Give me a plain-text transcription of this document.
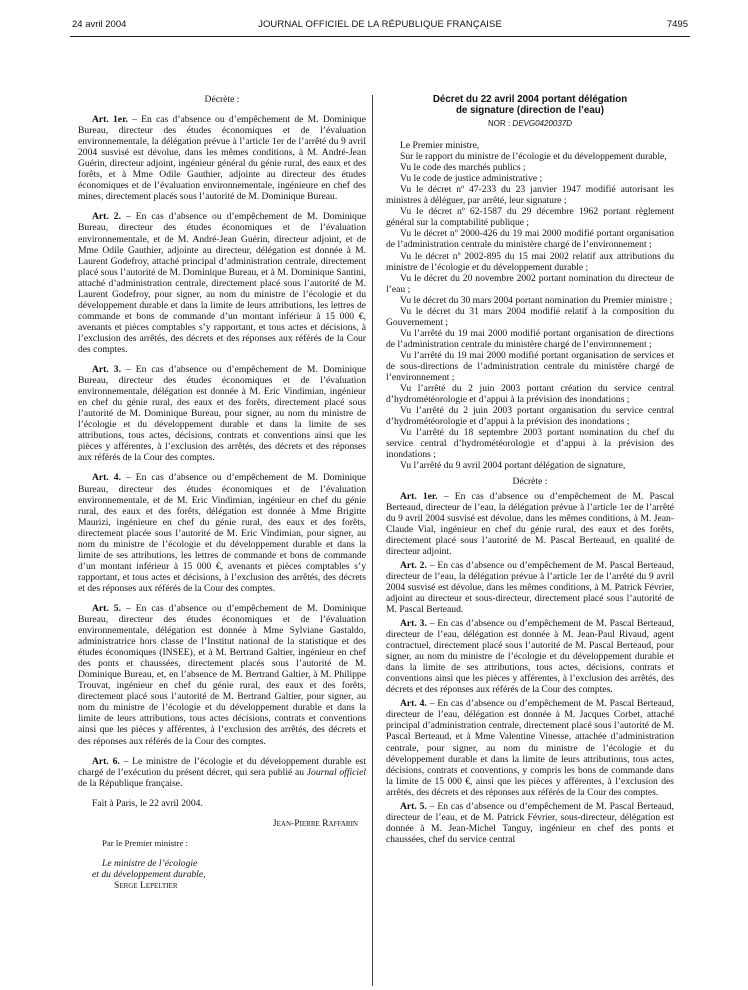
24 avril 2004	JOURNAL OFFICIEL DE LA RÉPUBLIQUE FRANÇAISE	7495

Décrète :

Art. 1er. – En cas d’absence ou d’empêchement de M. Dominique Bureau, directeur des études économiques et de l’évaluation environnementale, la délégation prévue à l’article 1er de l’arrêté du 9 avril 2004 susvisé est dévolue, dans les mêmes conditions, à M. André-Jean Guérin, directeur adjoint, ingénieur général du génie rural, des eaux et des forêts, et à Mme Odile Gauthier, adjointe au directeur des études économiques et de l’évaluation environnementale, ingénieure en chef des mines, directement placés sous l’autorité de M. Dominique Bureau.

Art. 2. – En cas d’absence ou d’empêchement de M. Dominique Bureau, directeur des études économiques et de l’évaluation environnementale, et de M. André-Jean Guérin, directeur adjoint, et de Mme Odile Gauthier, adjointe au directeur, délégation est donnée à M. Laurent Godefroy, attaché principal d’administration centrale, directement placé sous l’autorité de M. Dominique Bureau, et à M. Dominique Santini, attaché d’administration centrale, directement placé sous l’autorité de M. Laurent Godefroy, pour signer, au nom du ministre de l’écologie et du développement durable et dans la limite de leurs attributions, les lettres de commande et bons de commande d’un montant inférieur à 15 000 €, avenants et pièces comptables s’y rapportant, et tous actes et décisions, à l’exclusion des arrêtés, des décrets et des réponses aux référés de la Cour des comptes.

Art. 3. – En cas d’absence ou d’empêchement de M. Dominique Bureau, directeur des études économiques et de l’évaluation environnementale, délégation est donnée à M. Eric Vindimian, ingénieur en chef du génie rural, des eaux et des forêts, directement placé sous l’autorité de M. Dominique Bureau, pour signer, au nom du ministre de l’écologie et du développement durable et dans la limite de ses attributions, tous actes, décisions, contrats et conventions ainsi que les pièces y afférentes, à l’exclusion des arrêtés, des décrets et des réponses aux référés de la Cour des comptes.

Art. 4. – En cas d’absence ou d’empêchement de M. Dominique Bureau, directeur des études économiques et de l’évaluation environnementale, et de M. Eric Vindimian, ingénieur en chef du génie rural, des eaux et des forêts, délégation est donnée à Mme Brigitte Maurizi, ingénieure en chef du génie rural, des eaux et des forêts, directement placée sous l’autorité de M. Eric Vindimian, pour signer, au nom du ministre de l’écologie et du développement durable et dans la limite de ses attributions, les lettres de commande et bons de commande d’un montant inférieur à 15 000 €, avenants et pièces comptables s’y rapportant, et tous actes et décisions, à l’exclusion des arrêtés, des décrets et des réponses aux référés de la Cour des comptes.

Art. 5. – En cas d’absence ou d’empêchement de M. Dominique Bureau, directeur des études économiques et de l’évaluation environnementale, délégation est donnée à Mme Sylviane Gastaldo, administratrice hors classe de l’Institut national de la statistique et des études économiques (INSEE), et à M. Bertrand Galtier, ingénieur en chef des ponts et chaussées, directement placés sous l’autorité de M. Dominique Bureau, et, en l’absence de M. Bertrand Galtier, à M. Philippe Trouvat, ingénieur en chef du génie rural, des eaux et des forêts, directement placé sous l’autorité de M. Bertrand Galtier, pour signer, au nom du ministre de l’écologie et du développement durable et dans la limite de leurs attributions, tous actes décisions, contrats et conventions ainsi que les pièces y afférentes, à l’exclusion des arrêtés, des décrets et des réponses aux référés de la Cour des comptes.

Art. 6. – Le ministre de l’écologie et du développement durable est chargé de l’exécution du présent décret, qui sera publié au Journal officiel de la République française.

Fait à Paris, le 22 avril 2004.

Jean-Pierre Raffarin

Par le Premier ministre :

Le ministre de l’écologie

et du développement durable,

Serge Lepeltier

Décret du 22 avril 2004 portant délégation
de signature (direction de l’eau)
NOR : DEVG0420037D

Le Premier ministre,

Sur le rapport du ministre de l’écologie et du développement durable,

Vu le code des marchés publics ;

Vu le code de justice administrative ;

Vu le décret nº 47-233 du 23 janvier 1947 modifié autorisant les ministres à déléguer, par arrêté, leur signature ;

Vu le décret nº 62-1587 du 29 décembre 1962 portant règlement général sur la comptabilité publique ;

Vu le décret nº 2000-426 du 19 mai 2000 modifié portant organisation de l’administration centrale du ministère chargé de l’environnement ;

Vu le décret nº 2002-895 du 15 mai 2002 relatif aux attributions du ministre de l’écologie et du développement durable ;

Vu le décret du 20 novembre 2002 portant nomination du directeur de l’eau ;

Vu le décret du 30 mars 2004 portant nomination du Premier ministre ;

Vu le décret du 31 mars 2004 modifié relatif à la composition du Gouvernement ;

Vu l’arrêté du 19 mai 2000 modifié portant organisation de directions de l’administration centrale du ministère chargé de l’environnement ;

Vu l’arrêté du 19 mai 2000 modifié portant organisation de services et de sous-directions de l’administration centrale du ministère chargé de l’environnement ;

Vu l’arrêté du 2 juin 2003 portant création du service central d’hydrométéorologie et d’appui à la prévision des inondations ;

Vu l’arrêté du 2 juin 2003 portant organisation du service central d’hydrométéorologie et d’appui à la prévision des inondations ;

Vu l’arrêté du 18 septembre 2003 portant nomination du chef du service central d’hydrométéorologie et d’appui à la prévision des inondations ;

Vu l’arrêté du 9 avril 2004 portant délégation de signature,

Décrète :

Art. 1er. – En cas d’absence ou d’empêchement de M. Pascal Berteaud, directeur de l’eau, la délégation prévue à l’article 1er de l’arrêté du 9 avril 2004 susvisé est dévolue, dans les mêmes conditions, à M. Jean-Claude Vial, ingénieur en chef du génie rural, des eaux et des forêts, directement placé sous l’autorité de M. Pascal Berteaud, en qualité de directeur adjoint.

Art. 2. – En cas d’absence ou d’empêchement de M. Pascal Berteaud, directeur de l’eau, la délégation prévue à l’article 1er de l’arrêté du 9 avril 2004 susvisé est dévolue, dans les mêmes conditions, à M. Patrick Février, adjoint au directeur et sous-directeur, directement placé sous l’autorité de M. Pascal Berteaud.

Art. 3. – En cas d’absence ou d’empêchement de M. Pascal Berteaud, directeur de l’eau, délégation est donnée à M. Jean-Paul Rivaud, agent contractuel, directement placé sous l’autorité de M. Pascal Berteaud, pour signer, au nom du ministre de l’écologie et du développement durable et dans la limite de ses attributions, tous actes, décisions, contrats et conventions ainsi que les pièces y afférentes, à l’exclusion des arrêtés, des décrets et des réponses aux référés de la Cour des comptes.

Art. 4. – En cas d’absence ou d’empêchement de M. Pascal Berteaud, directeur de l’eau, délégation est donnée à M. Jacques Corbet, attaché principal d’administration centrale, directement placé sous l’autorité de M. Pascal Berteaud, et à Mme Valentine Vinesse, attachée d’administration centrale, pour signer, au nom du ministre de l’écologie et du développement durable et dans la limite de leurs attributions, tous actes, décisions, contrats et conventions, y compris les bons de commande dans la limite de 15 000 €, ainsi que les pièces y afférentes, à l’exclusion des arrêtés, des décrets et des réponses aux référés de la Cour des comptes.

Art. 5. – En cas d’absence ou d’empêchement de M. Pascal Berteaud, directeur de l’eau, et de M. Patrick Février, sous-directeur, délégation est donnée à M. Jean-Michel Tanguy, ingénieur en chef des ponts et chaussées, chef du service central
